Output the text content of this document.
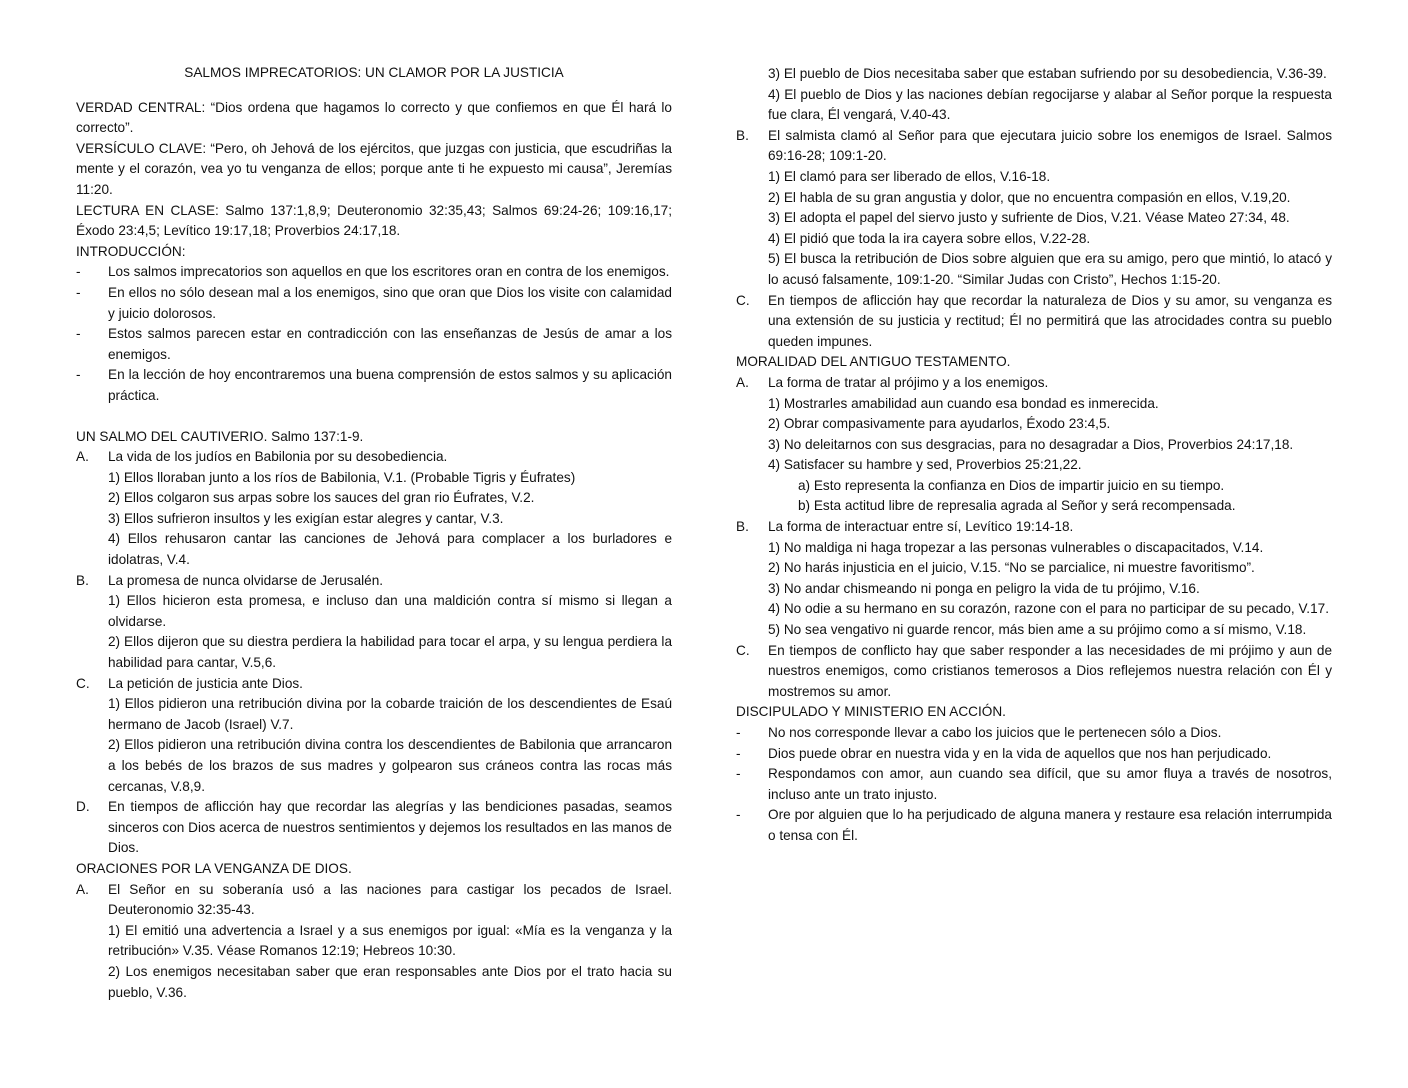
SALMOS IMPRECATORIOS: UN CLAMOR POR LA JUSTICIA

VERDAD CENTRAL: “Dios ordena que hagamos lo correcto y que confiemos en que Él hará lo correcto”.

VERSÍCULO CLAVE: “Pero, oh Jehová de los ejércitos, que juzgas con justicia, que escudriñas la mente y el corazón, vea yo tu venganza de ellos; porque ante ti he expuesto mi causa”, Jeremías 11:20.

LECTURA EN CLASE: Salmo 137:1,8,9; Deuteronomio 32:35,43; Salmos 69:24-26; 109:16,17; Éxodo 23:4,5; Levítico 19:17,18; Proverbios 24:17,18.

INTRODUCCIÓN:

- Los salmos imprecatorios son aquellos en que los escritores oran en contra de los enemigos.
- En ellos no sólo desean mal a los enemigos, sino que oran que Dios los visite con calamidad y juicio dolorosos.
- Estos salmos parecen estar en contradicción con las enseñanzas de Jesús de amar a los enemigos.
- En la lección de hoy encontraremos una buena comprensión de estos salmos y su aplicación práctica.

UN SALMO DEL CAUTIVERIO. Salmo 137:1-9.

A. La vida de los judíos en Babilonia por su desobediencia.

1) Ellos lloraban junto a los ríos de Babilonia, V.1. (Probable Tigris y Éufrates)

2) Ellos colgaron sus arpas sobre los sauces del gran rio Éufrates, V.2.

3) Ellos sufrieron insultos y les exigían estar alegres y cantar, V.3.

4) Ellos rehusaron cantar las canciones de Jehová para complacer a los burladores e idolatras, V.4.

B. La promesa de nunca olvidarse de Jerusalén.

1) Ellos hicieron esta promesa, e incluso dan una maldición contra sí mismo si llegan a olvidarse.

2) Ellos dijeron que su diestra perdiera la habilidad para tocar el arpa, y su lengua perdiera la habilidad para cantar, V.5,6.

C. La petición de justicia ante Dios.

1) Ellos pidieron una retribución divina por la cobarde traición de los descendientes de Esaú hermano de Jacob (Israel) V.7.

2) Ellos pidieron una retribución divina contra los descendientes de Babilonia que arrancaron a los bebés de los brazos de sus madres y golpearon sus cráneos contra las rocas más cercanas, V.8,9.

D. En tiempos de aflicción hay que recordar las alegrías y las bendiciones pasadas, seamos sinceros con Dios acerca de nuestros sentimientos y dejemos los resultados en las manos de Dios.

ORACIONES POR LA VENGANZA DE DIOS.

A. El Señor en su soberanía usó a las naciones para castigar los pecados de Israel. Deuteronomio 32:35-43.

1) El emitió una advertencia a Israel y a sus enemigos por igual: «Mía es la venganza y la retribución» V.35. Véase Romanos 12:19; Hebreos 10:30.

2) Los enemigos necesitaban saber que eran responsables ante Dios por el trato hacia su pueblo, V.36.

3) El pueblo de Dios necesitaba saber que estaban sufriendo por su desobediencia, V.36-39.

4) El pueblo de Dios y las naciones debían regocijarse y alabar al Señor porque la respuesta fue clara, Él vengará, V.40-43.

B. El salmista clamó al Señor para que ejecutara juicio sobre los enemigos de Israel. Salmos 69:16-28; 109:1-20.

1) El clamó para ser liberado de ellos, V.16-18.

2) El habla de su gran angustia y dolor, que no encuentra compasión en ellos, V.19,20.

3) El adopta el papel del siervo justo y sufriente de Dios, V.21. Véase Mateo 27:34, 48.

4) El pidió que toda la ira cayera sobre ellos, V.22-28.

5) El busca la retribución de Dios sobre alguien que era su amigo, pero que mintió, lo atacó y lo acusó falsamente, 109:1-20. “Similar Judas con Cristo”, Hechos 1:15-20.

C. En tiempos de aflicción hay que recordar la naturaleza de Dios y su amor, su venganza es una extensión de su justicia y rectitud; Él no permitirá que las atrocidades contra su pueblo queden impunes.

MORALIDAD DEL ANTIGUO TESTAMENTO.

A. La forma de tratar al prójimo y a los enemigos.

1) Mostrarles amabilidad aun cuando esa bondad es inmerecida.

2) Obrar compasivamente para ayudarlos, Éxodo 23:4,5.

3) No deleitarnos con sus desgracias, para no desagradar a Dios, Proverbios 24:17,18.

4) Satisfacer su hambre y sed, Proverbios 25:21,22.

a) Esto representa la confianza en Dios de impartir juicio en su tiempo.

b) Esta actitud libre de represalia agrada al Señor y será recompensada.

B. La forma de interactuar entre sí, Levítico 19:14-18.

1) No maldiga ni haga tropezar a las personas vulnerables o discapacitados, V.14.

2) No harás injusticia en el juicio, V.15. “No se parcialice, ni muestre favoritismo”.

3) No andar chismeando ni ponga en peligro la vida de tu prójimo, V.16.

4) No odie a su hermano en su corazón, razone con el para no participar de su pecado, V.17.

5) No sea vengativo ni guarde rencor, más bien ame a su prójimo como a sí mismo, V.18.

C. En tiempos de conflicto hay que saber responder a las necesidades de mi prójimo y aun de nuestros enemigos, como cristianos temerosos a Dios reflejemos nuestra relación con Él y mostremos su amor.

DISCIPULADO Y MINISTERIO EN ACCIÓN.

- No nos corresponde llevar a cabo los juicios que le pertenecen sólo a Dios.
- Dios puede obrar en nuestra vida y en la vida de aquellos que nos han perjudicado.
- Respondamos con amor, aun cuando sea difícil, que su amor fluya a través de nosotros, incluso ante un trato injusto.
- Ore por alguien que lo ha perjudicado de alguna manera y restaure esa relación interrumpida o tensa con Él.
